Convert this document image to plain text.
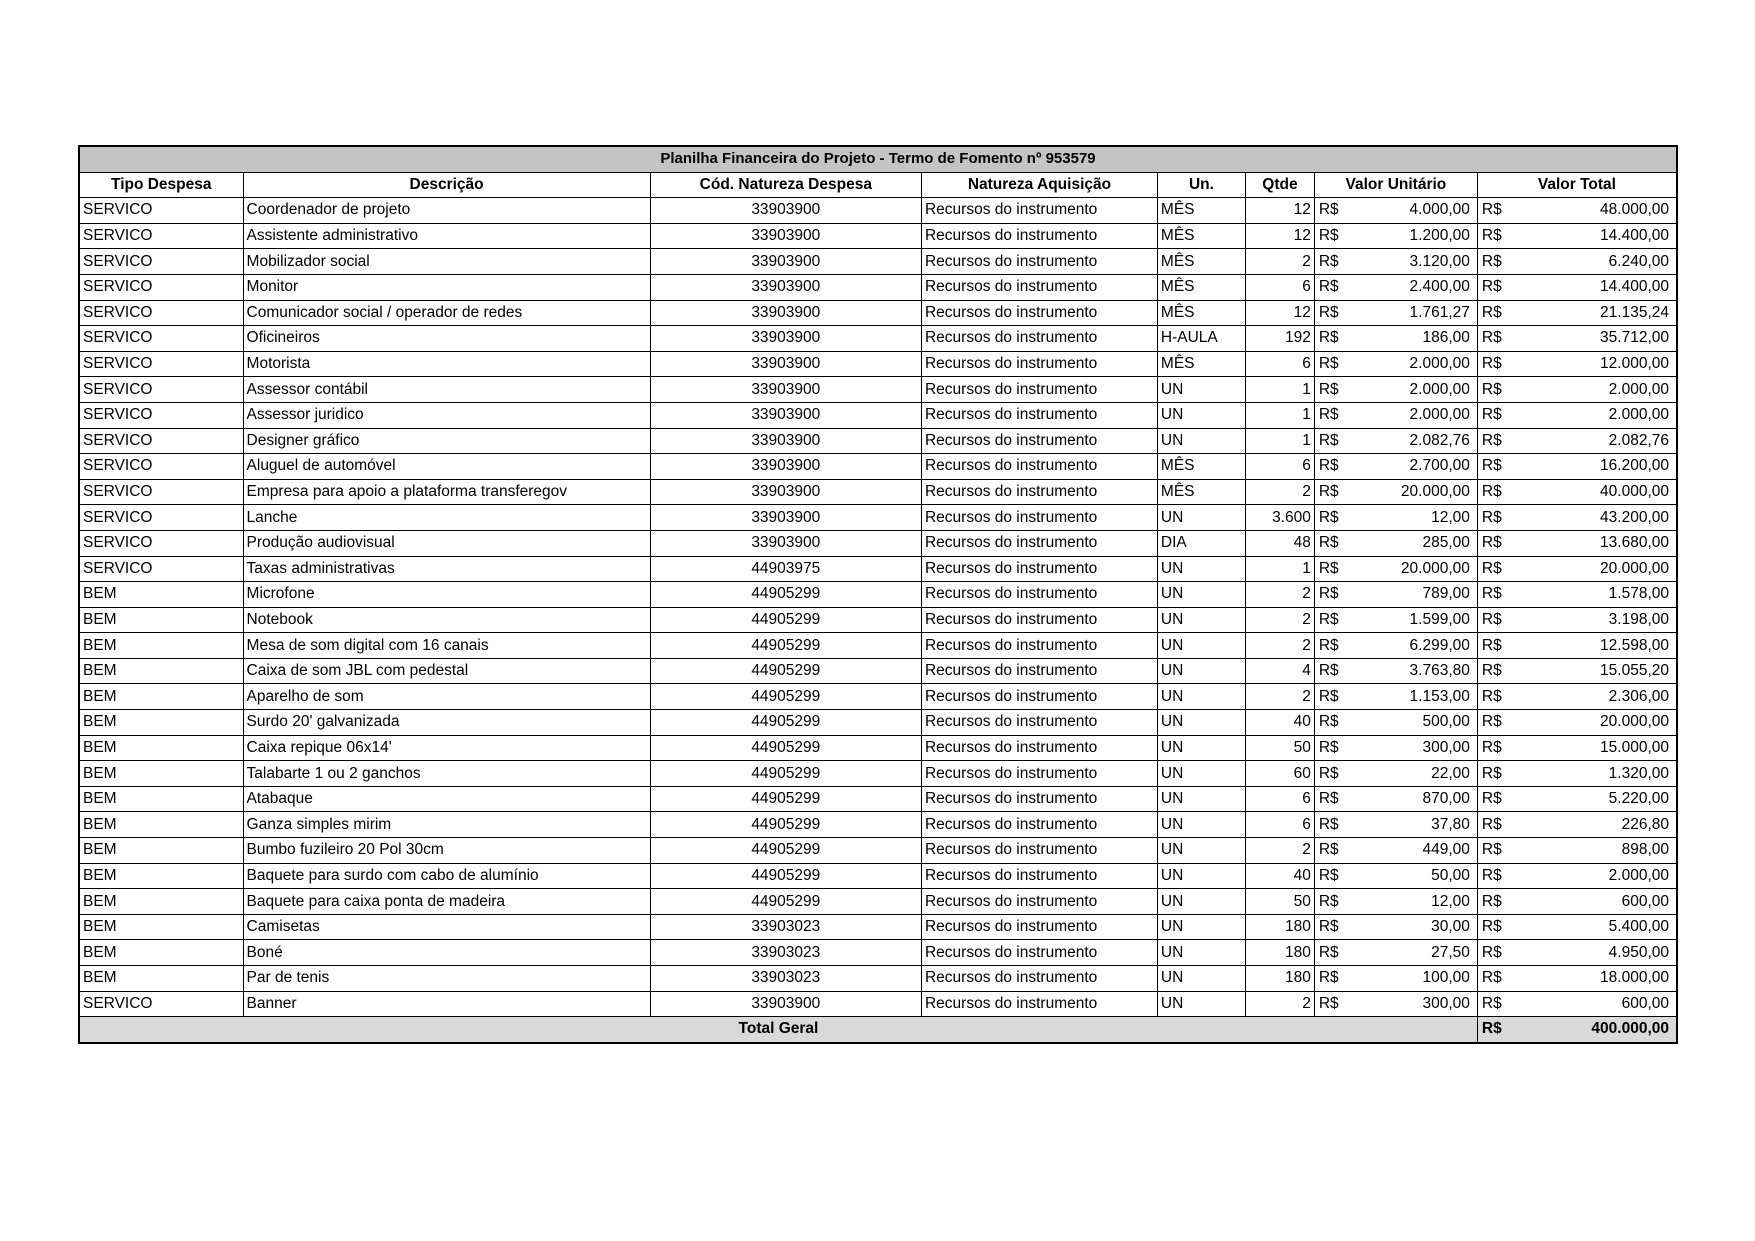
Planilha Financeira do Projeto - Termo de Fomento nº 953579							
Tipo Despesa	Descrição	Cód. Natureza Despesa	Natureza Aquisição	Un.	Qtde	Valor Unitário	Valor Total
SERVICO	Coordenador de projeto	33903900	Recursos do instrumento	MÊS	12	R$ 4.000,00	R$ 48.000,00

SERVICO	Assistente administrativo	33903900	Recursos do instrumento	MÊS	12	R$ 1.200,00	R$ 14.400,00

SERVICO	Mobilizador social	33903900	Recursos do instrumento	MÊS	2	R$ 3.120,00	R$ 6.240,00

SERVICO	Monitor	33903900	Recursos do instrumento	MÊS	6	R$ 2.400,00	R$ 14.400,00

SERVICO	Comunicador social / operador de redes	33903900	Recursos do instrumento	MÊS	12	R$ 1.761,27	R$ 21.135,24

SERVICO	Oficineiros	33903900	Recursos do instrumento	H-AULA	192	R$ 186,00	R$ 35.712,00

SERVICO	Motorista	33903900	Recursos do instrumento	MÊS	6	R$ 2.000,00	R$ 12.000,00

SERVICO	Assessor contábil	33903900	Recursos do instrumento	UN	1	R$ 2.000,00	R$ 2.000,00

SERVICO	Assessor juridico	33903900	Recursos do instrumento	UN	1	R$ 2.000,00	R$ 2.000,00

SERVICO	Designer gráfico	33903900	Recursos do instrumento	UN	1	R$ 2.082,76	R$ 2.082,76

SERVICO	Aluguel de automóvel	33903900	Recursos do instrumento	MÊS	6	R$ 2.700,00	R$ 16.200,00

SERVICO	Empresa para apoio a plataforma transferegov	33903900	Recursos do instrumento	MÊS	2	R$ 20.000,00	R$ 40.000,00

SERVICO	Lanche	33903900	Recursos do instrumento	UN	3.600	R$ 12,00	R$ 43.200,00

SERVICO	Produção audiovisual	33903900	Recursos do instrumento	DIA	48	R$ 285,00	R$ 13.680,00

SERVICO	Taxas administrativas	44903975	Recursos do instrumento	UN	1	R$ 20.000,00	R$ 20.000,00

BEM	Microfone	44905299	Recursos do instrumento	UN	2	R$ 789,00	R$ 1.578,00

BEM	Notebook	44905299	Recursos do instrumento	UN	2	R$ 1.599,00	R$ 3.198,00

BEM	Mesa de som digital com 16 canais	44905299	Recursos do instrumento	UN	2	R$ 6.299,00	R$ 12.598,00

BEM	Caixa de som JBL com pedestal	44905299	Recursos do instrumento	UN	4	R$ 3.763,80	R$ 15.055,20

BEM	Aparelho de som	44905299	Recursos do instrumento	UN	2	R$ 1.153,00	R$ 2.306,00

BEM	Surdo 20' galvanizada	44905299	Recursos do instrumento	UN	40	R$ 500,00	R$ 20.000,00

BEM	Caixa repique 06x14'	44905299	Recursos do instrumento	UN	50	R$ 300,00	R$ 15.000,00

BEM	Talabarte 1 ou 2 ganchos	44905299	Recursos do instrumento	UN	60	R$ 22,00	R$ 1.320,00

BEM	Atabaque	44905299	Recursos do instrumento	UN	6	R$ 870,00	R$ 5.220,00

BEM	Ganza simples mirim	44905299	Recursos do instrumento	UN	6	R$ 37,80	R$ 226,80

BEM	Bumbo fuzileiro 20 Pol 30cm	44905299	Recursos do instrumento	UN	2	R$ 449,00	R$ 898,00

BEM	Baquete para surdo com cabo de alumínio	44905299	Recursos do instrumento	UN	40	R$ 50,00	R$ 2.000,00

BEM	Baquete para caixa ponta de madeira	44905299	Recursos do instrumento	UN	50	R$ 12,00	R$ 600,00

BEM	Camisetas	33903023	Recursos do instrumento	UN	180	R$ 30,00	R$ 5.400,00

BEM	Boné	33903023	Recursos do instrumento	UN	180	R$ 27,50	R$ 4.950,00

BEM	Par de tenis	33903023	Recursos do instrumento	UN	180	R$ 100,00	R$ 18.000,00

SERVICO	Banner	33903900	Recursos do instrumento	UN	2	R$ 300,00	R$ 600,00

Total Geral							R$ 400.000,00
